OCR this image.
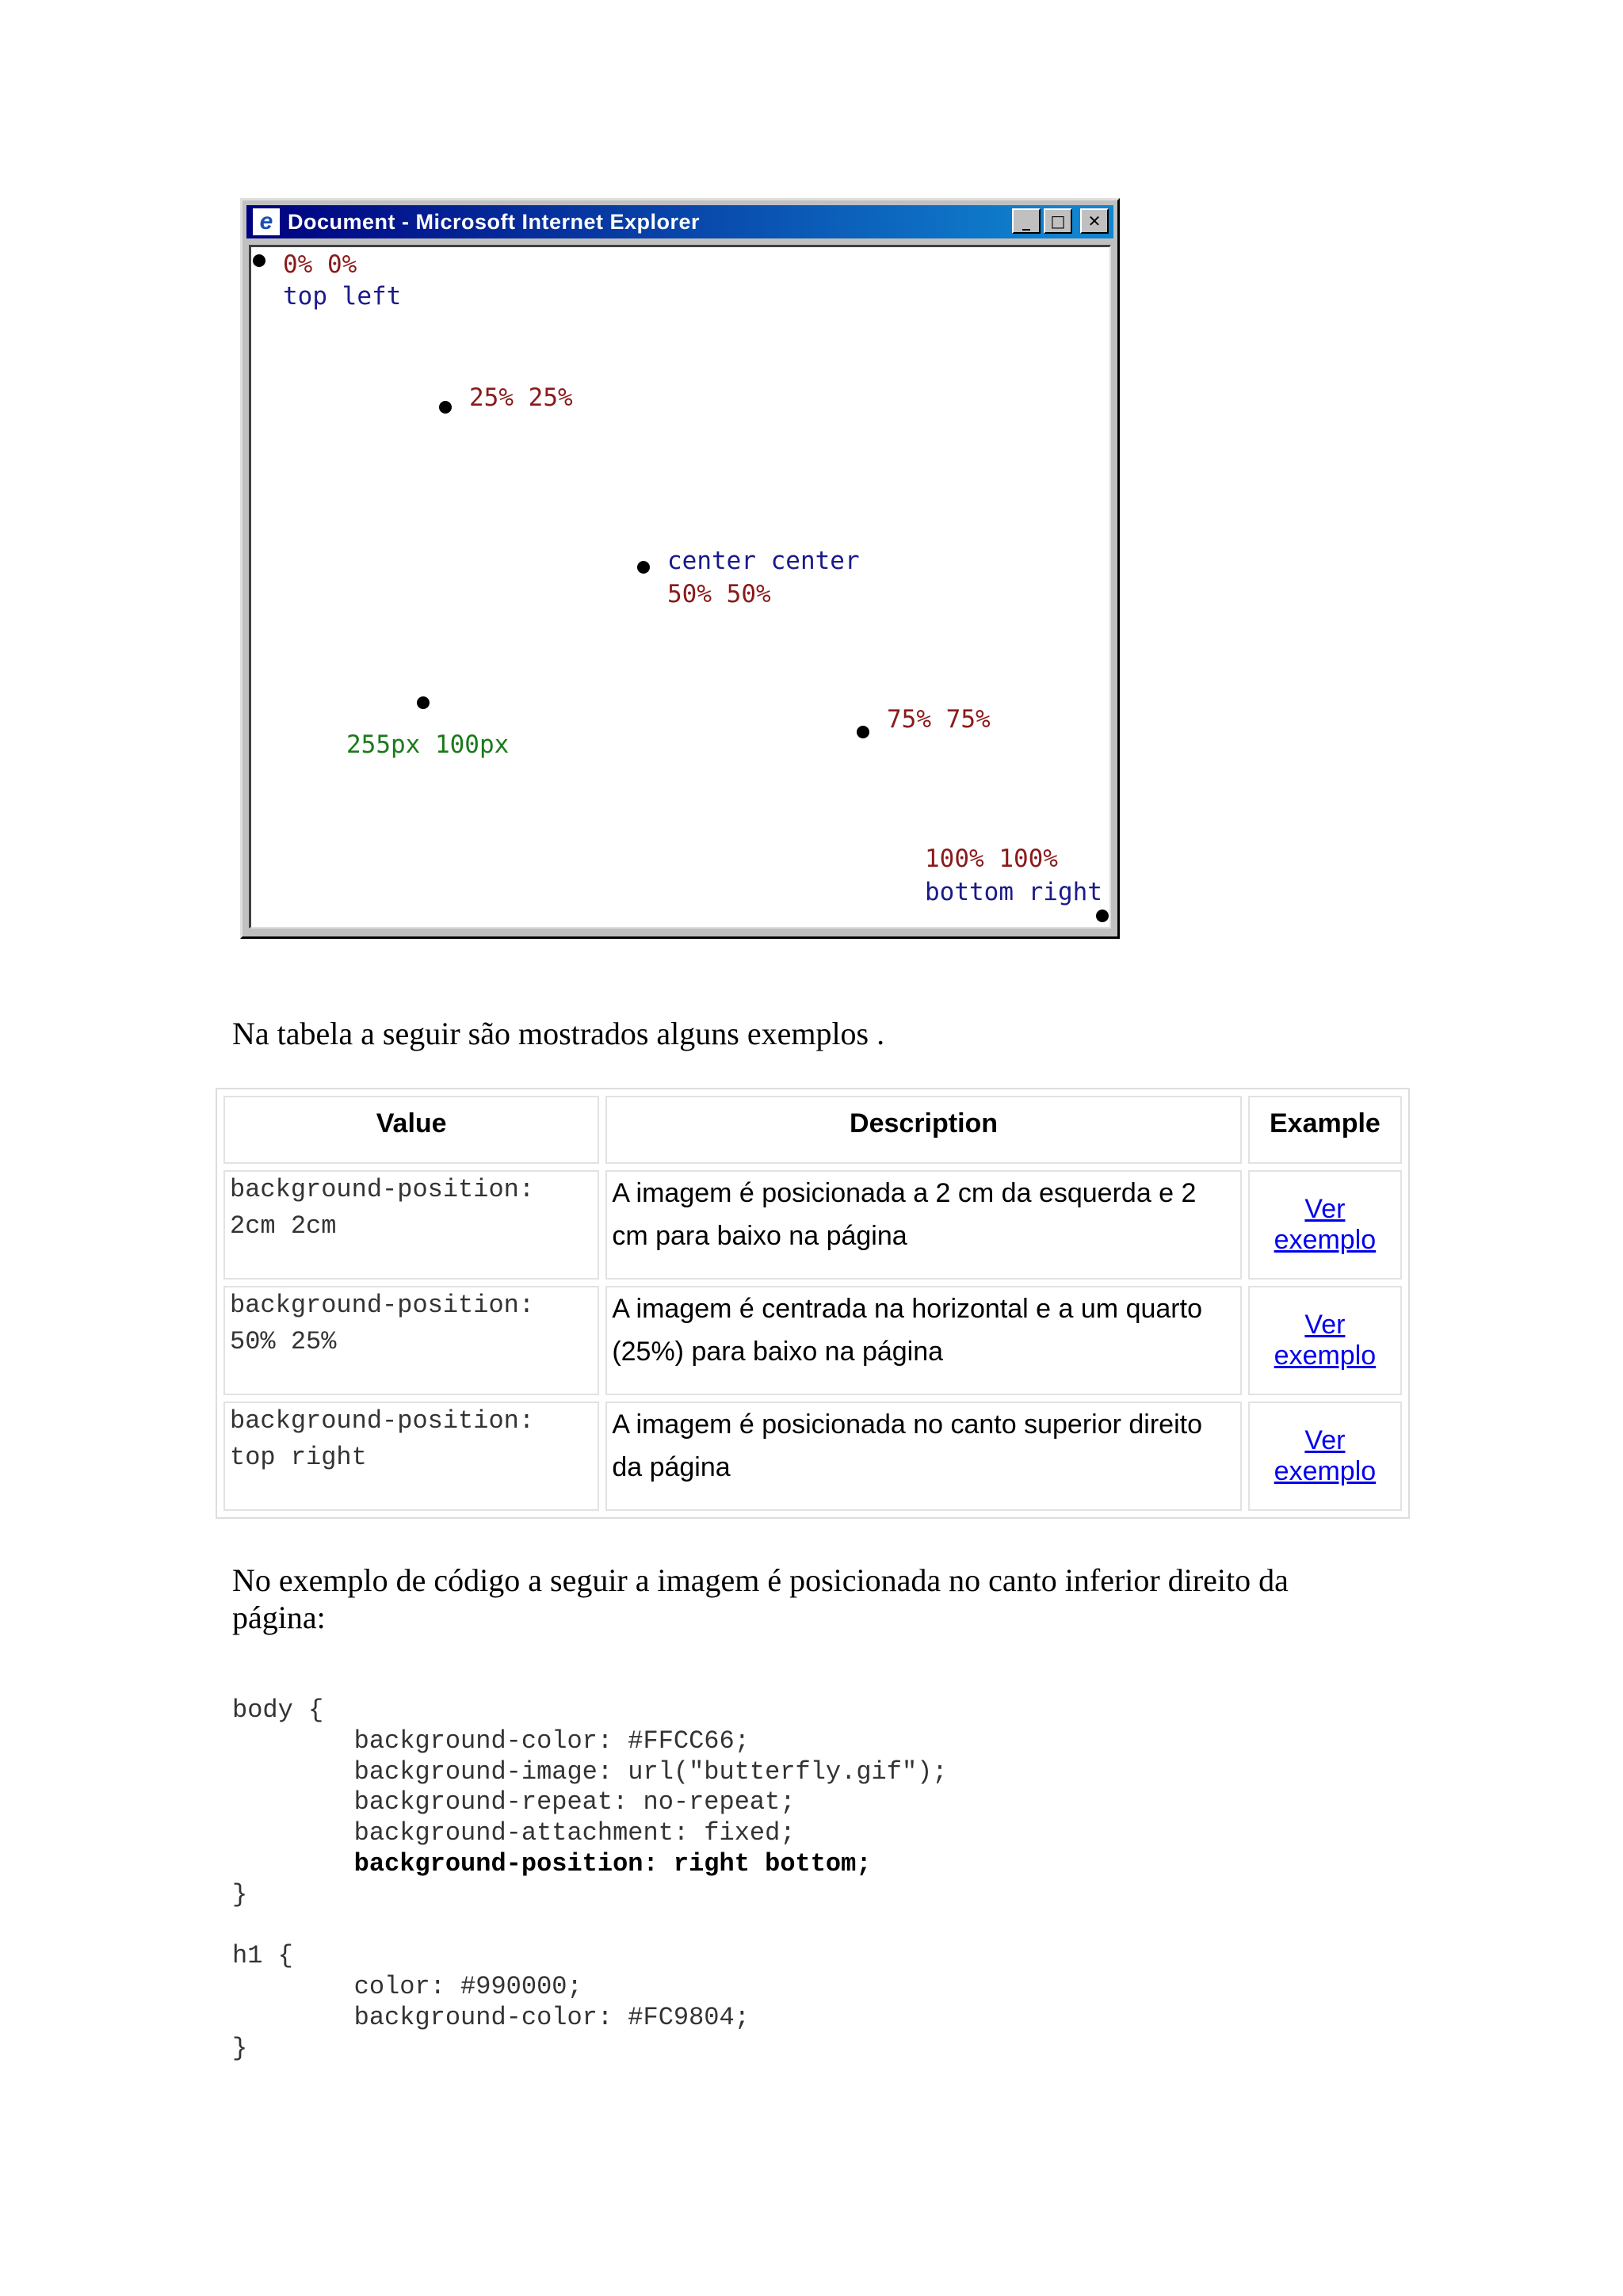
e Document - Microsoft Internet Explorer	_	□	✕
0% 0%
top left
25% 25%
center center
50% 50%
255px 100px
75% 75%
100% 100%
bottom right
Na tabela a seguir são mostrados alguns exemplos .
Value	Description	Example
background-position:
2cm 2cm	A imagem é posicionada a 2 cm da esquerda e 2 cm para baixo na página	Ver exemplo
background-position:
50% 25%	A imagem é centrada na horizontal e a um quarto (25%) para baixo na página	Ver exemplo
background-position:
top right	A imagem é posicionada no canto superior direito da página	Ver exemplo
No exemplo de código a seguir a imagem é posicionada no canto inferior direito da
página:
body {
background-color: #FFCC66;
background-image: url("butterfly.gif");
background-repeat: no-repeat;
background-attachment: fixed;
background-position: right bottom;
}

h1 {
color: #990000;
background-color: #FC9804;
}
